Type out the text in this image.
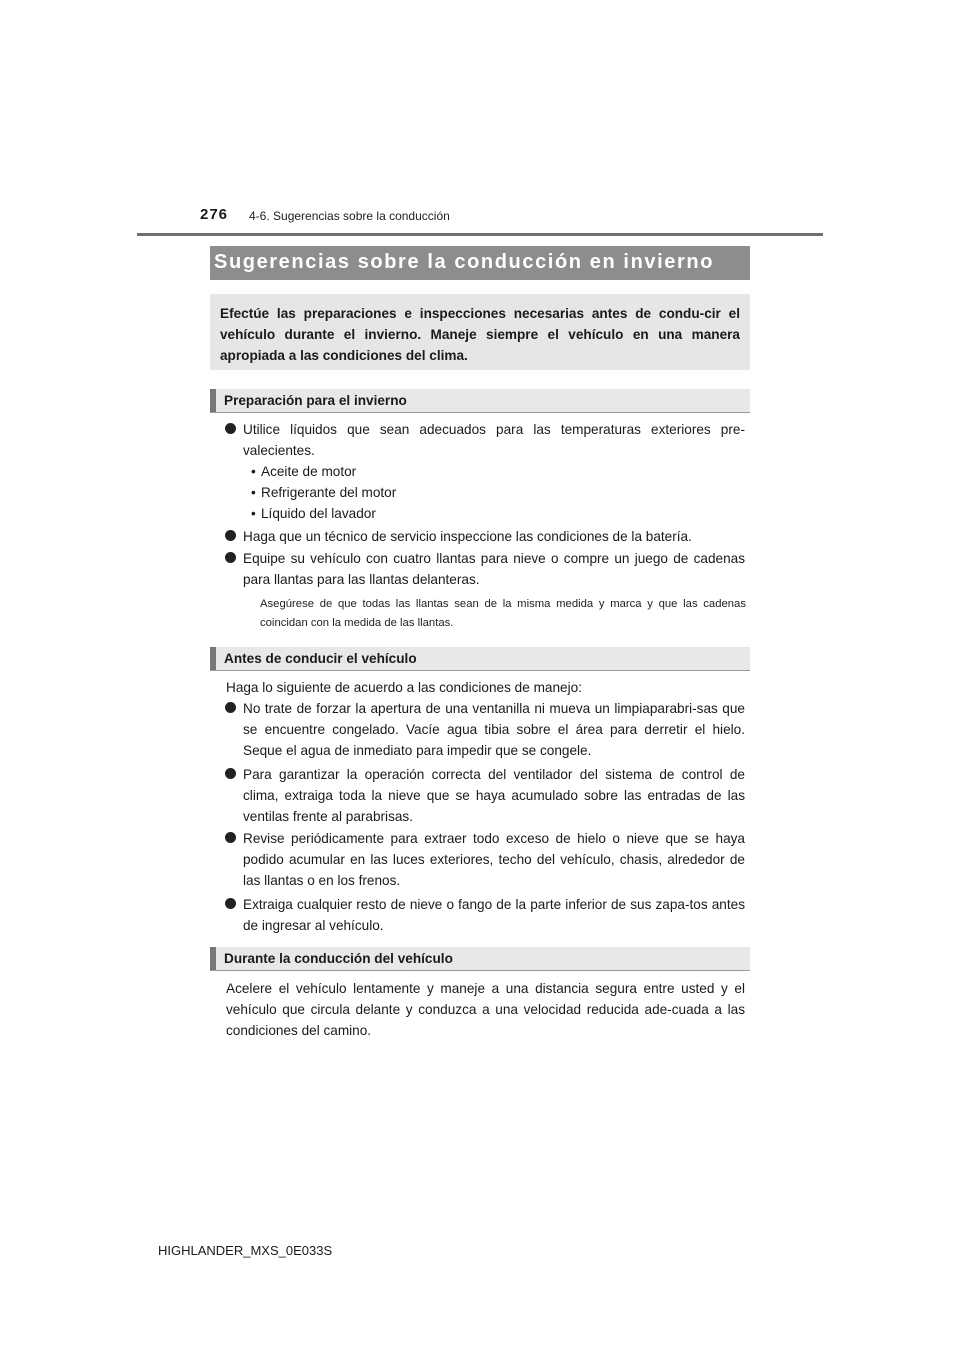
276 4-6. Sugerencias sobre la conducción
Sugerencias sobre la conducción en invierno

Efectúe las preparaciones e inspecciones necesarias antes de condu-cir el vehículo durante el invierno. Maneje siempre el vehículo en una manera apropiada a las condiciones del clima.

Preparación para el invierno
Utilice líquidos que sean adecuados para las temperaturas exteriores pre-valecientes.
• Aceite de motor
• Refrigerante del motor
• Líquido del lavador
Haga que un técnico de servicio inspeccione las condiciones de la batería.
Equipe su vehículo con cuatro llantas para nieve o compre un juego de cadenas para llantas para las llantas delanteras.
Asegúrese de que todas las llantas sean de la misma medida y marca y que las cadenas coincidan con la medida de las llantas.
Antes de conducir el vehículo
Haga lo siguiente de acuerdo a las condiciones de manejo:
No trate de forzar la apertura de una ventanilla ni mueva un limpiaparabri-sas que se encuentre congelado. Vacíe agua tibia sobre el área para derretir el hielo. Seque el agua de inmediato para impedir que se congele.
Para garantizar la operación correcta del ventilador del sistema de control de clima, extraiga toda la nieve que se haya acumulado sobre las entradas de las ventilas frente al parabrisas.
Revise periódicamente para extraer todo exceso de hielo o nieve que se haya podido acumular en las luces exteriores, techo del vehículo, chasis, alrededor de las llantas o en los frenos.
Extraiga cualquier resto de nieve o fango de la parte inferior de sus zapa-tos antes de ingresar al vehículo.
Durante la conducción del vehículo
Acelere el vehículo lentamente y maneje a una distancia segura entre usted y el vehículo que circula delante y conduzca a una velocidad reducida ade-cuada a las condiciones del camino.
HIGHLANDER_MXS_0E033S
